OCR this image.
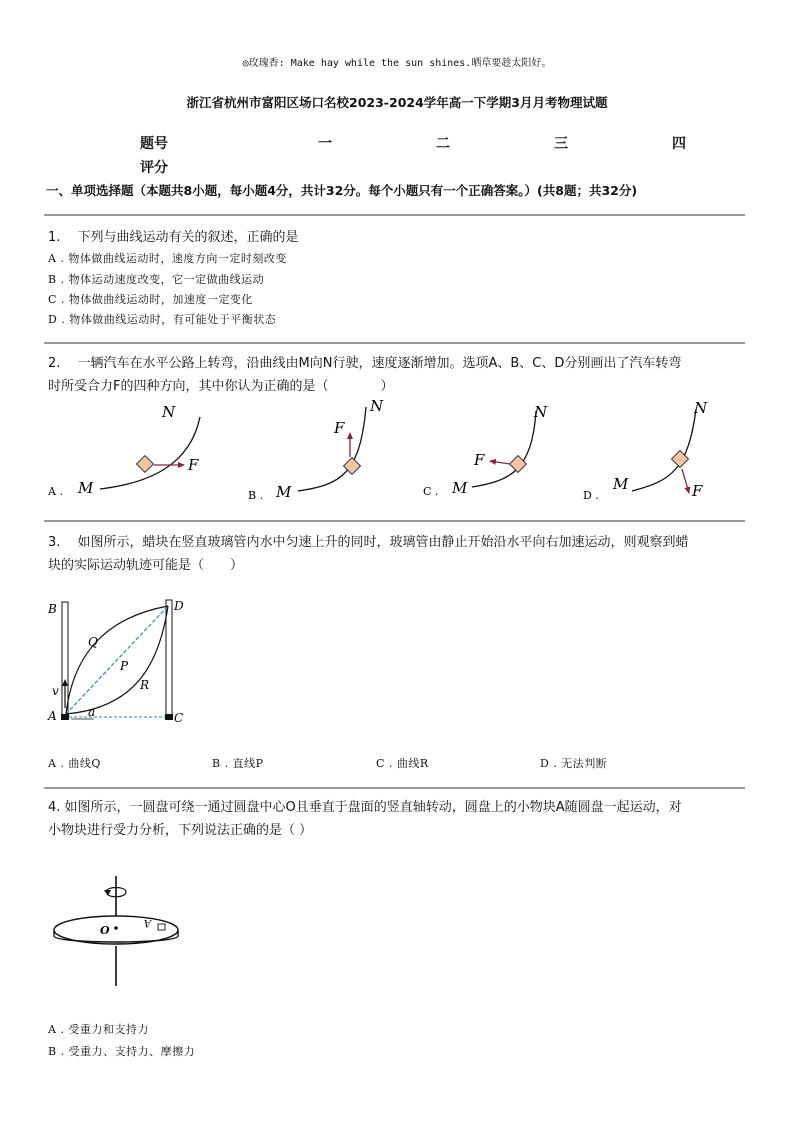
◎玫瑰香: Make hay while the sun shines.晒草要趁太阳好。
浙江省杭州市富阳区场口名校2023-2024学年高一下学期3月月考物理试题
题号	一	二	三	四
评分				
一、单项选择题（本题共8小题，每小题4分，共计32分。每个小题只有一个正确答案。）(共8题；共32分)
1.　 下列与曲线运动有关的叙述，正确的是
A . 物体做曲线运动时，速度方向一定时刻改变
B . 物体运动速度改变，它一定做曲线运动
C . 物体做曲线运动时，加速度一定变化
D . 物体做曲线运动时，有可能处于平衡状态
2.　 一辆汽车在水平公路上转弯，沿曲线由M向N行驶，速度逐渐增加。选项A、B、C、D分别画出了汽车转弯
时所受合力F的四种方向，其中你认为正确的是（　　　　）
A . M
N
F
B . M
N
F
C . M
N
F
D .
M
N
F
3.　 如图所示，蜡块在竖直玻璃管内水中匀速上升的同时，玻璃管由静止开始沿水平向右加速运动，则观察到蜡
块的实际运动轨迹可能是（　　）
B	D
Q
P
R
v
A	a	C
A . 曲线Q	B . 直线P	C . 曲线R	D . 无法判断
4. 如图所示，一圆盘可绕一通过圆盘中心O且垂直于盘面的竖直轴转动，圆盘上的小物块A随圆盘一起运动，对
小物块进行受力分析，下列说法正确的是（ ）
O
A
A . 受重力和支持力
B . 受重力、支持力、摩擦力
